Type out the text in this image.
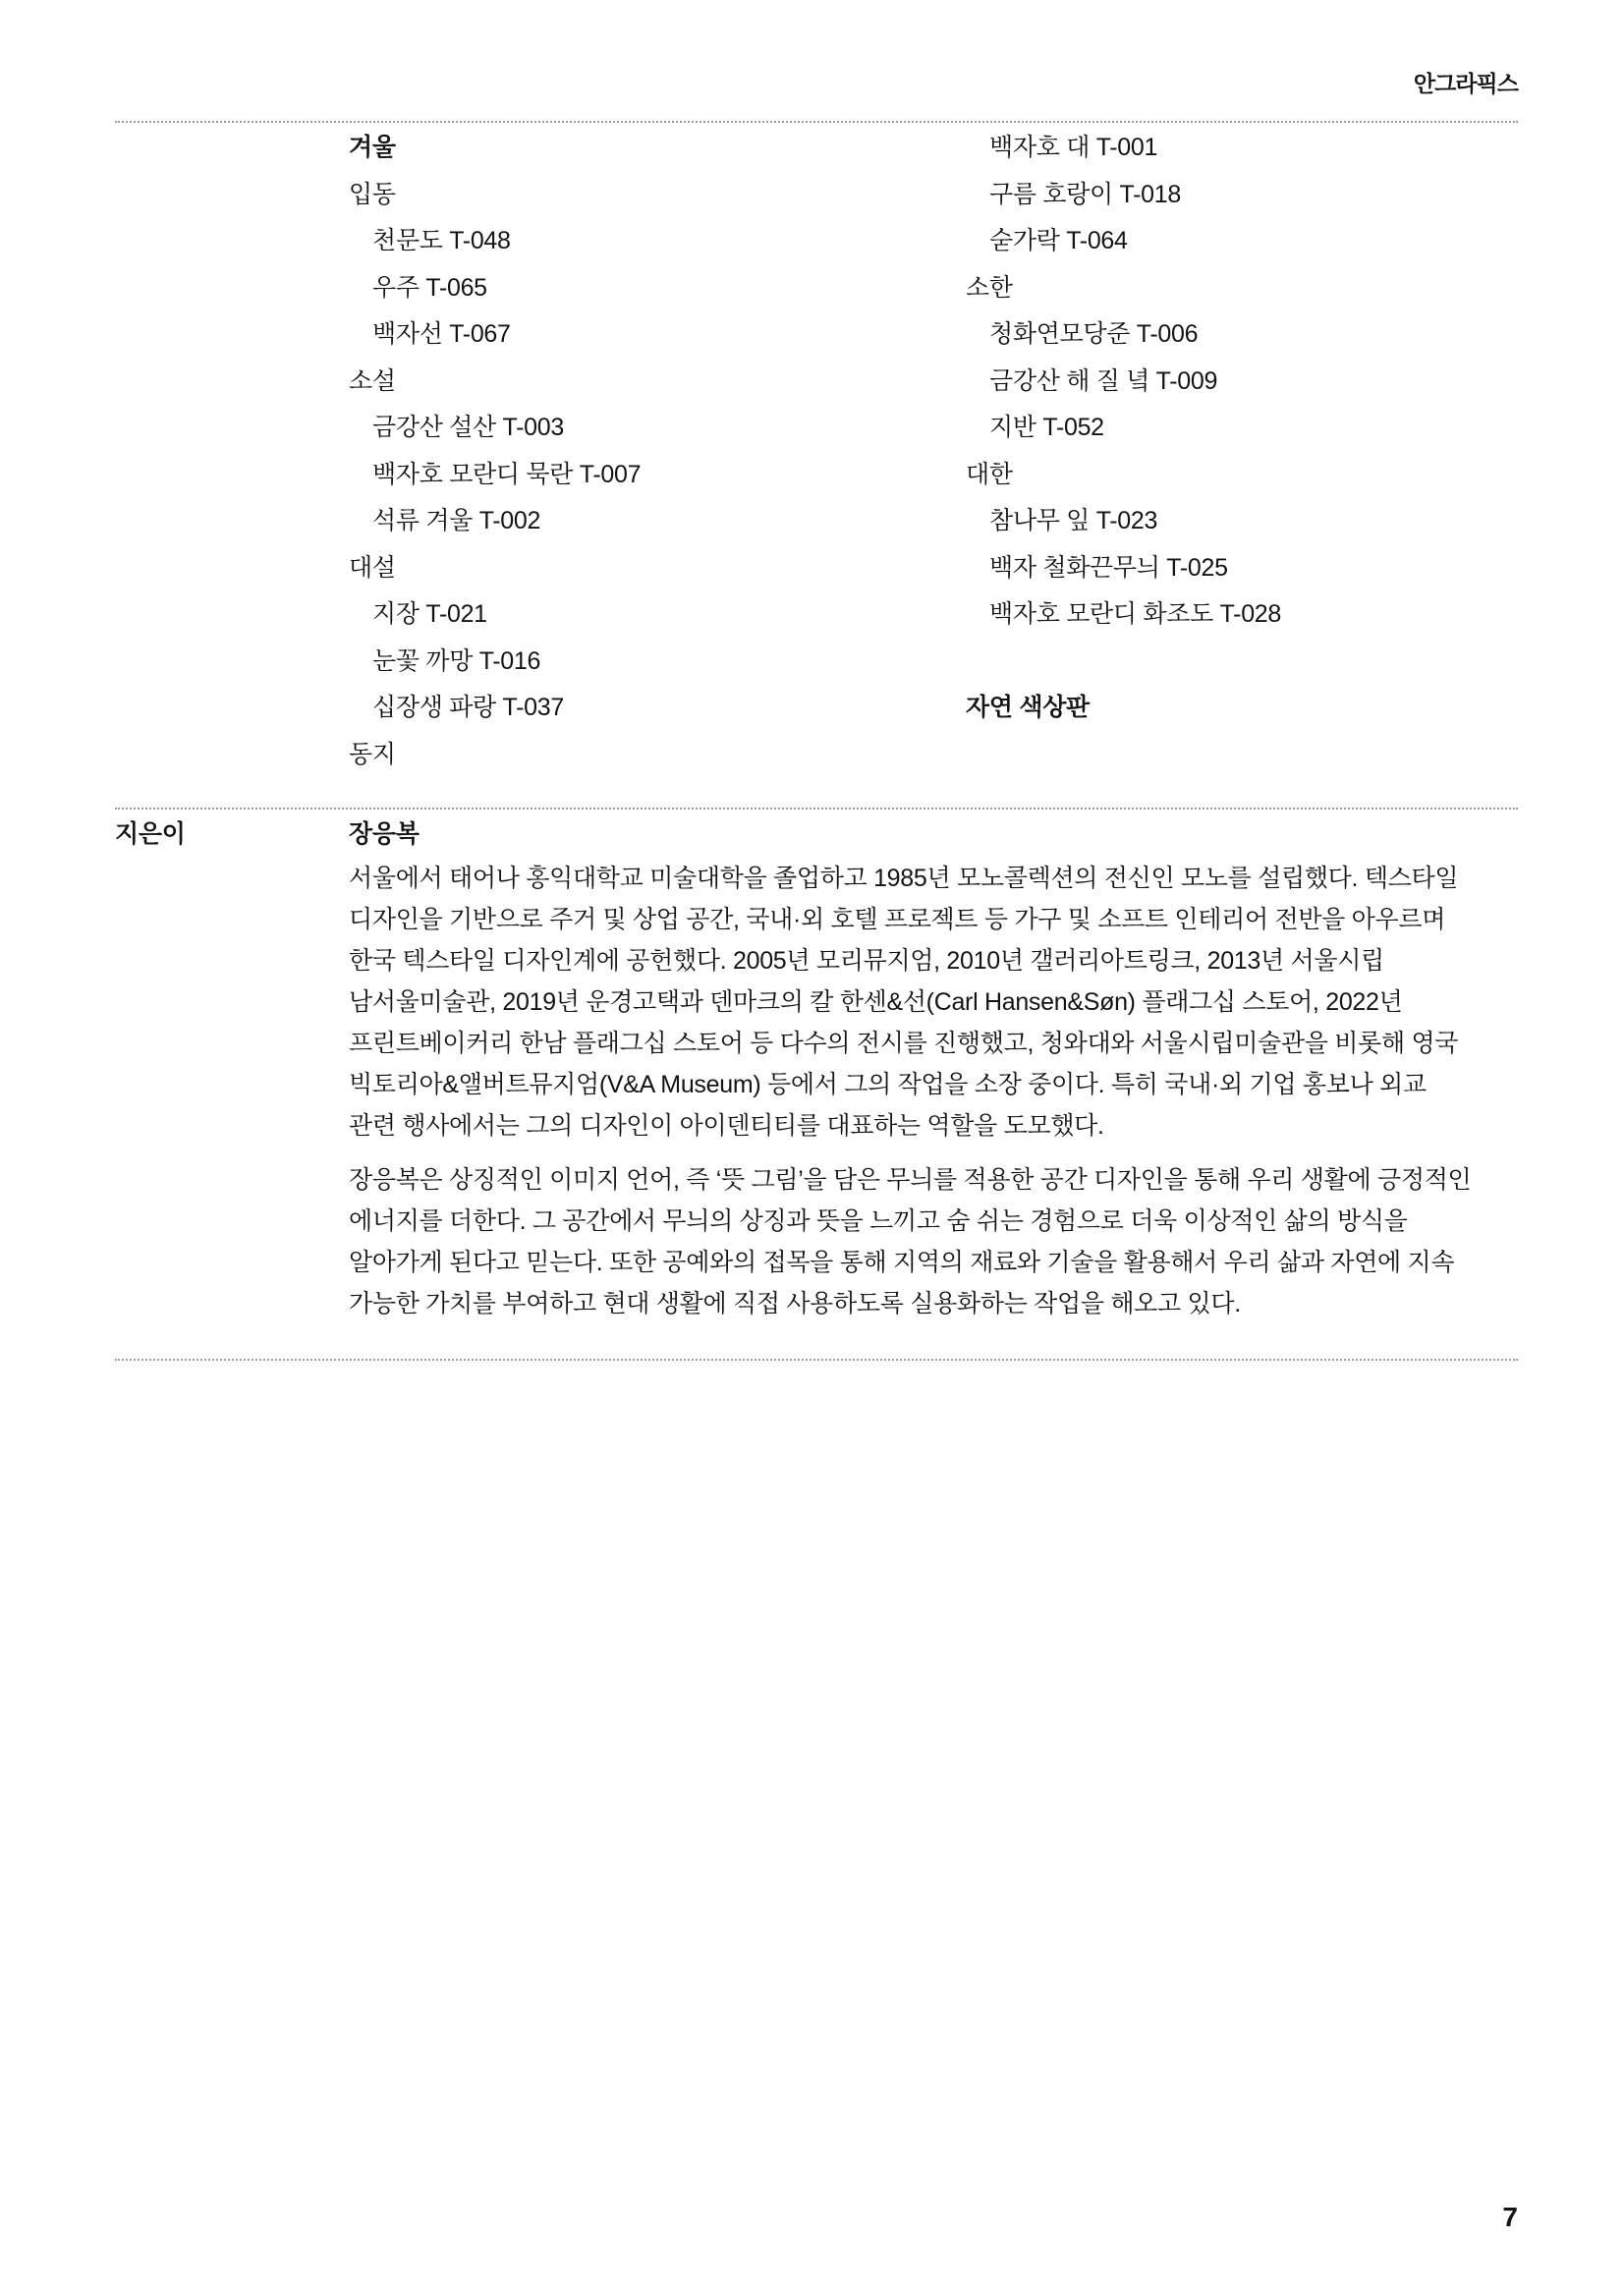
안그라픽스
겨울
입동
천문도 T-048
우주 T-065
백자선 T-067
소설
금강산 설산 T-003
백자호 모란디 묵란 T-007
석류 겨울 T-002
대설
지장 T-021
눈꽃 까망 T-016
십장생 파랑 T-037
동지
백자호 대 T-001
구름 호랑이 T-018
숟가락 T-064
소한
청화연모당준 T-006
금강산 해 질 녘 T-009
지반 T-052
대한
참나무 잎 T-023
백자 철화끈무늬 T-025
백자호 모란디 화조도 T-028
자연 색상판
지은이	장응복

서울에서 태어나 홍익대학교 미술대학을 졸업하고 1985년 모노콜렉션의 전신인 모노를 설립했다. 텍스타일
디자인을 기반으로 주거 및 상업 공간, 국내·외 호텔 프로젝트 등 가구 및 소프트 인테리어 전반을 아우르며
한국 텍스타일 디자인계에 공헌했다. 2005년 모리뮤지엄, 2010년 갤러리아트링크, 2013년 서울시립
남서울미술관, 2019년 운경고택과 덴마크의 칼 한센&선(Carl Hansen&Søn) 플래그십 스토어, 2022년
프린트베이커리 한남 플래그십 스토어 등 다수의 전시를 진행했고, 청와대와 서울시립미술관을 비롯해 영국
빅토리아&앨버트뮤지엄(V&A Museum) 등에서 그의 작업을 소장 중이다. 특히 국내·외 기업 홍보나 외교
관련 행사에서는 그의 디자인이 아이덴티티를 대표하는 역할을 도모했다.

장응복은 상징적인 이미지 언어, 즉 ‘뜻 그림’을 담은 무늬를 적용한 공간 디자인을 통해 우리 생활에 긍정적인
에너지를 더한다. 그 공간에서 무늬의 상징과 뜻을 느끼고 숨 쉬는 경험으로 더욱 이상적인 삶의 방식을
알아가게 된다고 믿는다. 또한 공예와의 접목을 통해 지역의 재료와 기술을 활용해서 우리 삶과 자연에 지속
가능한 가치를 부여하고 현대 생활에 직접 사용하도록 실용화하는 작업을 해오고 있다.

7
